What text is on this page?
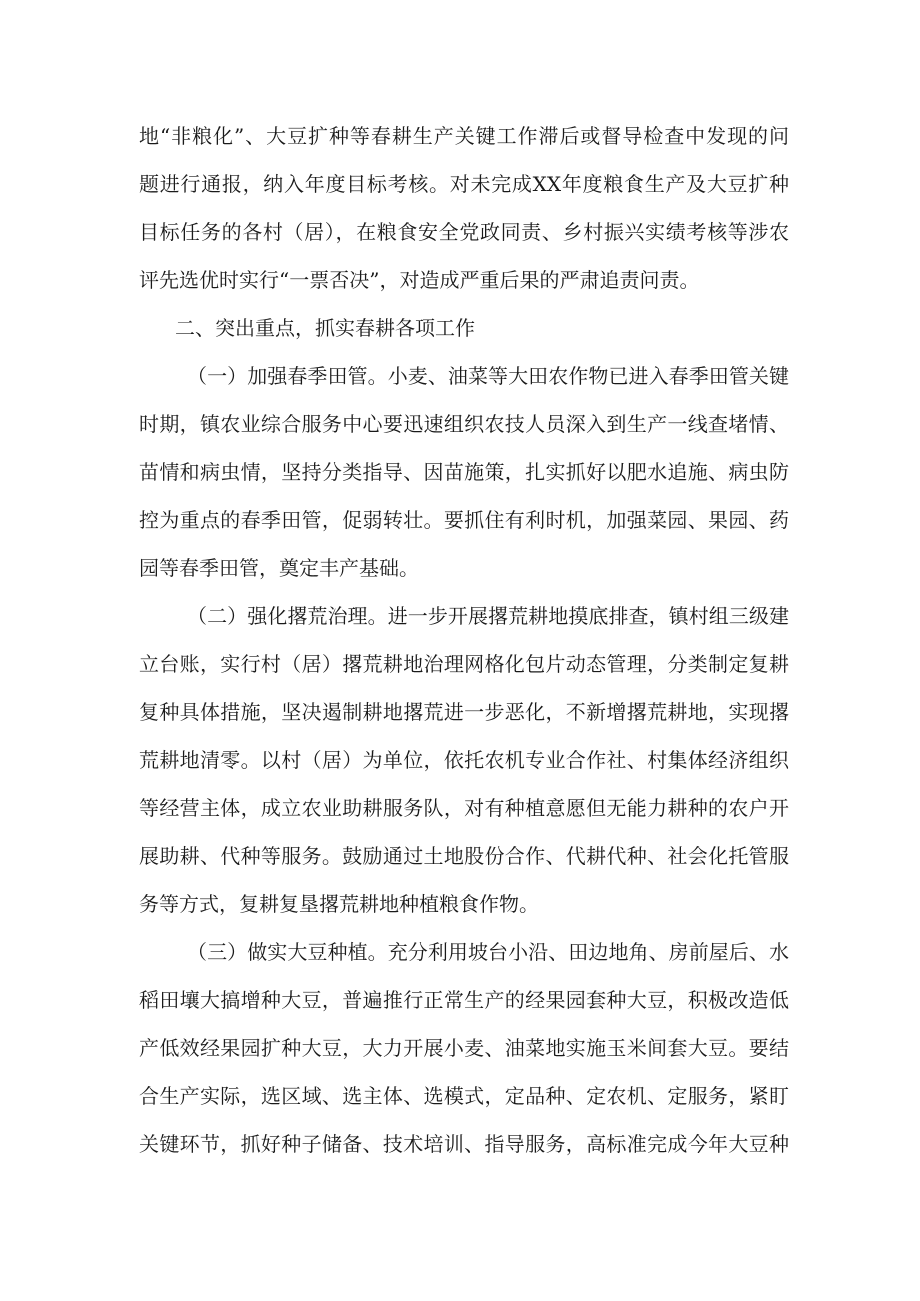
地“非粮化”、大豆扩种等春耕生产关键工作滞后或督导检查中发现的问
题进行通报，纳入年度目标考核。对未完成XX年度粮食生产及大豆扩种
目标任务的各村（居），在粮食安全党政同责、乡村振兴实绩考核等涉农
评先选优时实行“一票否决”，对造成严重后果的严肃追责问责。
二、突出重点，抓实春耕各项工作
（一）加强春季田管。小麦、油菜等大田农作物已进入春季田管关键
时期，镇农业综合服务中心要迅速组织农技人员深入到生产一线查堵情、
苗情和病虫情，坚持分类指导、因苗施策，扎实抓好以肥水追施、病虫防
控为重点的春季田管，促弱转壮。要抓住有利时机，加强菜园、果园、药
园等春季田管，奠定丰产基础。
（二）强化撂荒治理。进一步开展撂荒耕地摸底排查，镇村组三级建
立台账，实行村（居）撂荒耕地治理网格化包片动态管理，分类制定复耕
复种具体措施，坚决遏制耕地撂荒进一步恶化，不新增撂荒耕地，实现撂
荒耕地清零。以村（居）为单位，依托农机专业合作社、村集体经济组织
等经营主体，成立农业助耕服务队，对有种植意愿但无能力耕种的农户开
展助耕、代种等服务。鼓励通过土地股份合作、代耕代种、社会化托管服
务等方式，复耕复垦撂荒耕地种植粮食作物。
（三）做实大豆种植。充分利用坡台小沿、田边地角、房前屋后、水
稻田壤大搞增种大豆，普遍推行正常生产的经果园套种大豆，积极改造低
产低效经果园扩种大豆，大力开展小麦、油菜地实施玉米间套大豆。要结
合生产实际，选区域、选主体、选模式，定品种、定农机、定服务，紧盯
关键环节，抓好种子储备、技术培训、指导服务，高标准完成今年大豆种
